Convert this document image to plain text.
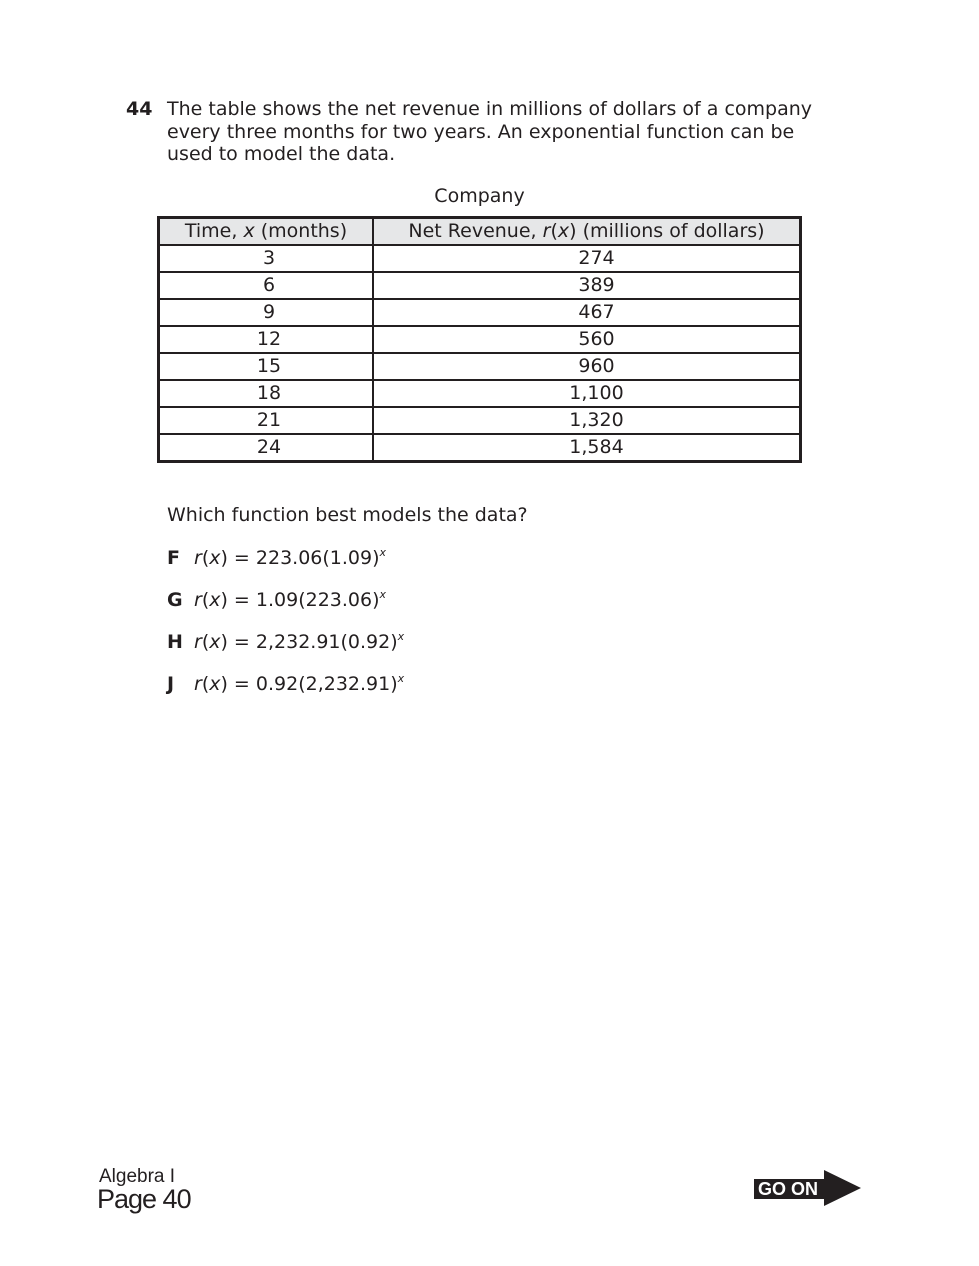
44 The table shows the net revenue in millions of dollars of a company
every three months for two years. An exponential function can be
used to model the data.
Company
Time, x (months)	Net Revenue, r(x) (millions of dollars)
3	274
6	389
9	467
12	560
15	960
18	1,100
21	1,320
24	1,584
Which function best models the data?
F $r(x) = 223.06(1.09)^x$
G $r(x) = 1.09(223.06)^x$
H $r(x) = 2,232.91(0.92)^x$
J $r(x) = 0.92(2,232.91)^x$
Algebra I
Page 40	GO ON
